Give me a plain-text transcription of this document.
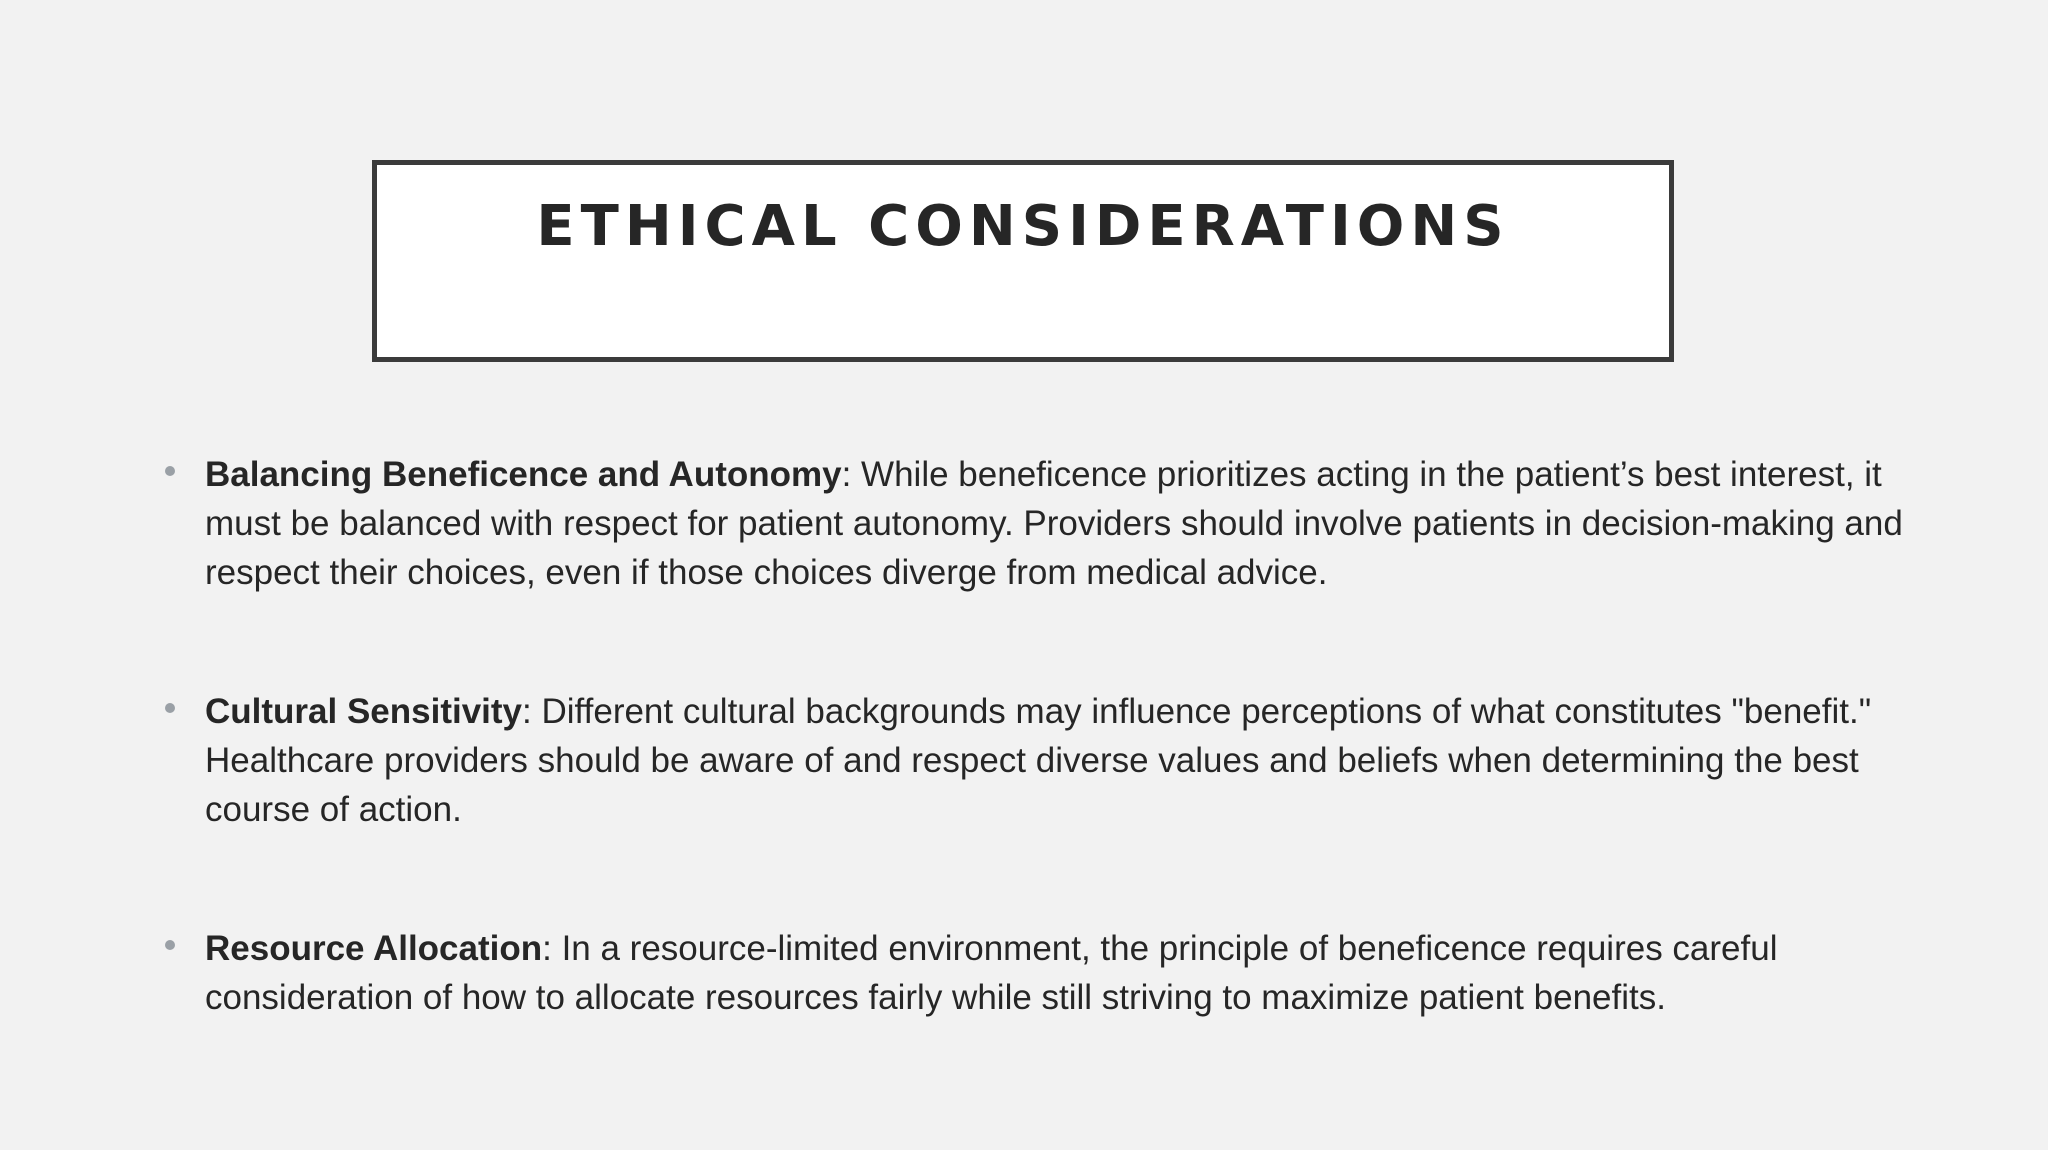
ETHICAL CONSIDERATIONS
Balancing Beneficence and Autonomy: While beneficence prioritizes acting in the patient’s best interest, it must be balanced with respect for patient autonomy. Providers should involve patients in decision-making and respect their choices, even if those choices diverge from medical advice.
Cultural Sensitivity: Different cultural backgrounds may influence perceptions of what constitutes "benefit." Healthcare providers should be aware of and respect diverse values and beliefs when determining the best course of action.
Resource Allocation: In a resource-limited environment, the principle of beneficence requires careful consideration of how to allocate resources fairly while still striving to maximize patient benefits.
